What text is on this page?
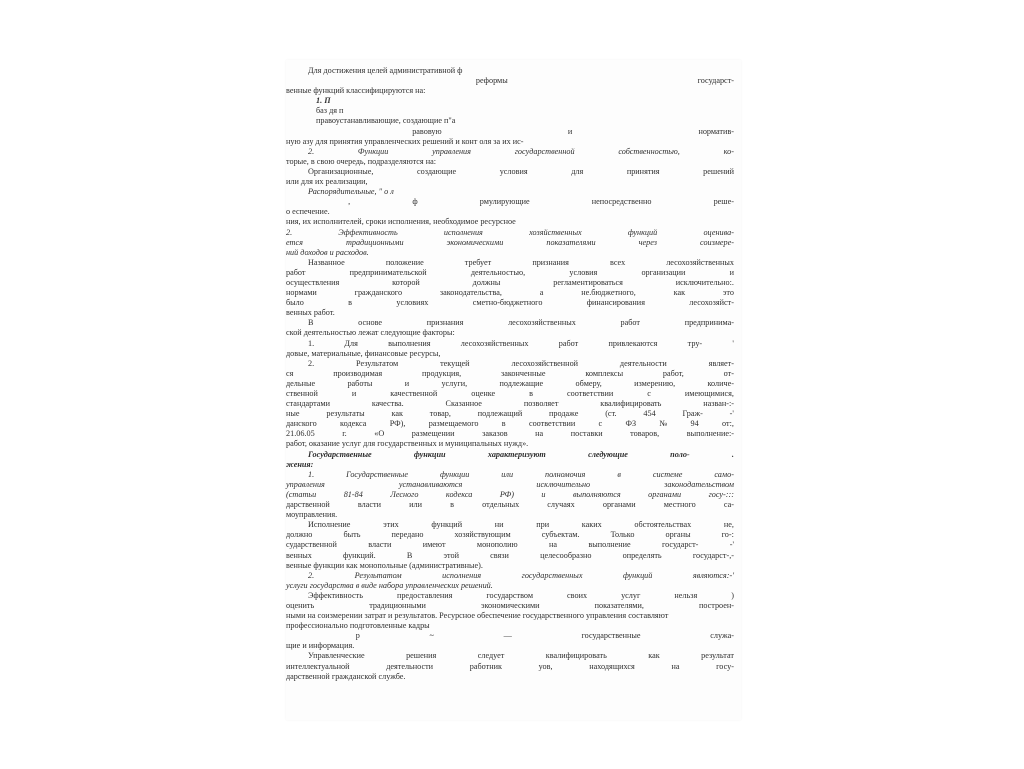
Для достижения целей административной ф
реформы	государст-
венные функций классифицируются на:
1. П
баз дя п
правоустанавливающие, создающие п"а
равовую	и	норматив-
ную азу для принятия управленческих решений и конт оля за их ис-
2.	Функции	управления	государственной	собственностью,	ко-
торые, в свою очередь, подразделяются на:
Организационные,	создающие	условия	для	принятия	решений
или для их реализации,
Распорядительные, " о л
,	ф	рмулирующие	непосредственно	реше-
о еспечение.
ния, их исполнителей, сроки исполнения, необходимое ресурсное
2.	Эффективность	исполнения	хозяйственных	функций	оценива-
ется	традиционными	экономическими	показателями	через	соизмере-
ний доходов и расходов.
Названное	положение	требует	признания	всех	лесохозяйственных
работ	предпринимательской	деятельностью,	условия	организации	и
осуществления	которой	должны	регламентироваться	исключительно:.
нормами	гражданского	законодательства,	а	не.бюджетного,	как	это
было	в	условиях	сметно-бюджетного	финансирования	лесохозяйст-
венных работ.
В	основе	признания	лесохозяйственных	работ	предпринима-
ской деятельностью лежат следующие факторы:
1.	Для	выполнения	лесохозяйственных	работ	привлекаются	тру-	'
довые, материальные, финансовые ресурсы,
2.	Результатом	текущей	лесохозяйственной	деятельности	являет-
ся	производимая	продукция,	законченные	комплексы	работ,	от-
дельные	работы	и	услуги,	подлежащие	обмеру,	измерению,	количе-
ственной	и	качественной	оценке	в	соответствии	с	имеющимися,
стандартами	качества.	Сказанное	позволяет	квалифицировать	назван-:-
ные	результаты	как	товар,	подлежащий	продаже	(ст.	454	Граж-	-'
данского	кодекса	РФ),	размещаемого	в	соответствии	с	ФЗ	№	94	от:,
21.06.05	г.	«О	размещении	заказов	на	поставки	товаров,	выполнение:-
работ, оказание услуг для государственных и муниципальных нужд».
Государственные	функции	характеризуют	следующие	поло-	.
жения:
1.	Государственные	функции	или	полномочия	в	системе	само-
управления	устанавливаются	исключительно	законодательством
(статьи	81-84	Лесного	кодекса	РФ)	и	выполняются	органами	госу-:::
дарственной	власти	или	в	отдельных	случаях	органами	местного	са-
моуправления.
Исполнение	этих	функций	ни	при	каких	обстоятельствах	не,
должно	быть	передано	хозяйствующим	субъектам.	Только	органы	го-:
сударственной	власти	имеют	монополию	на	выполнение	государст-	-'
венных	функций.	В	этой	связи	целесообразно	определять	государст-,-
венные функции как монопольные (административные).
2.	Результатом	исполнения	государственных	функций	являются:-'
услуги государства в виде набора управленческих решений.
Эффективность	предоставления	государством	своих	услуг	нельзя	)
оценить	традиционными	экономическими	показателями,	построен-
ными на соизмерении затрат и результатов. Ресурсное обеспечение государственного управления составляют
профессионально подготовленные кадры
р	~	—	государственные	служа-
щие и информация.
Управленческие	решения	следует	квалифицировать	как	результат
интеллектуальной	деятельности	работник	уов,	находящихся	на	госу-
дарственной гражданской службе.
